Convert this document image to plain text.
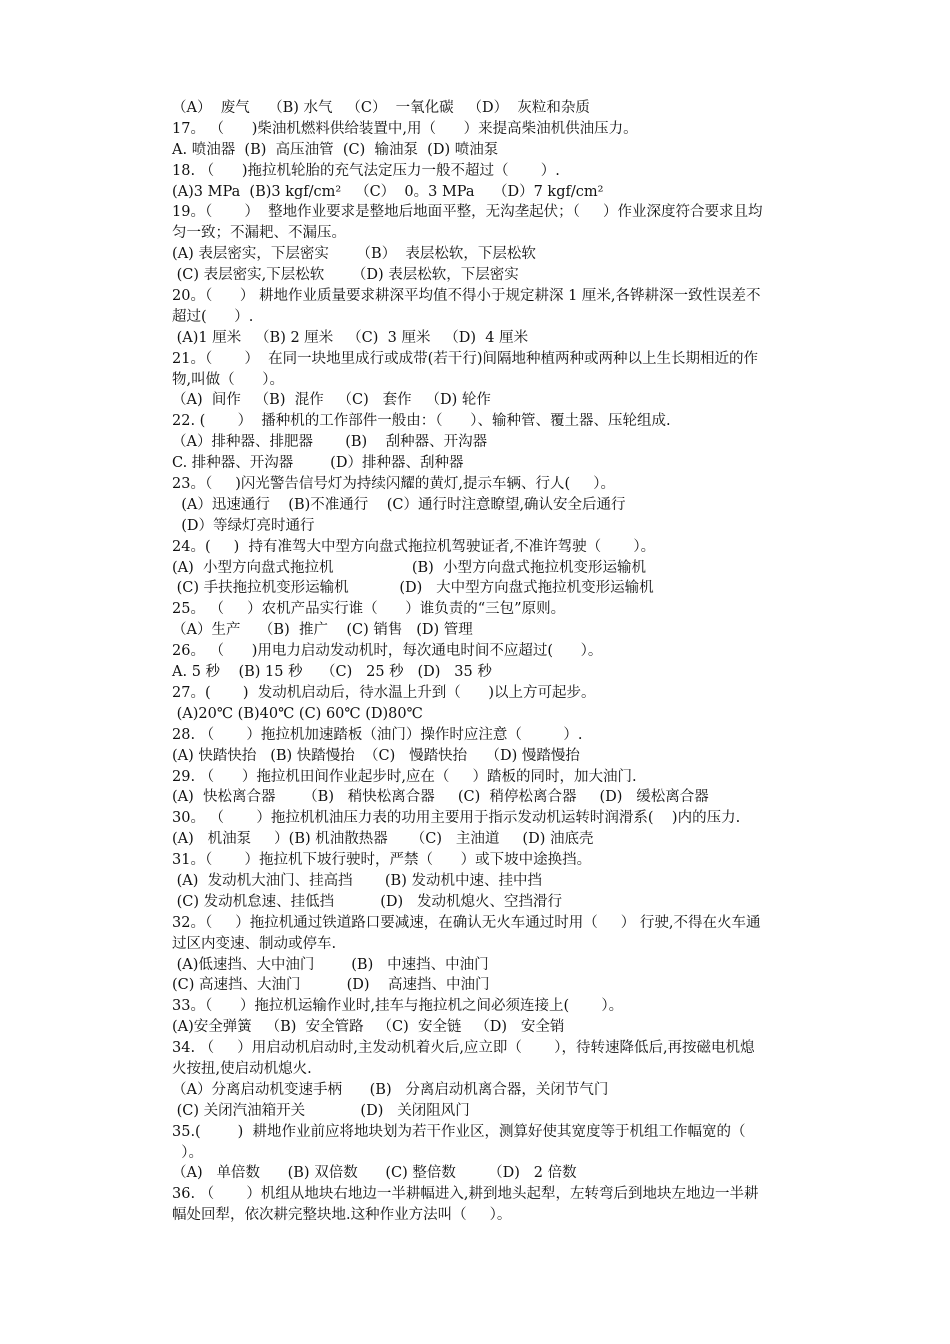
（A）  废气    （B) 水气   （C）  一氧化碳   （D）  灰粒和杂质
17。 （      )柴油机燃料供给装置中,用（      ）来提高柴油机供油压力。
A. 喷油器  (B)  高压油管  (C)  输油泵  (D) 喷油泵
18. （      )拖拉机轮胎的充气法定压力一般不超过（       ）.
(A)3 MPa  (B)3 kgf/cm²   （C）  0。3 MPa    （D）7 kgf/cm²
19。（       ）  整地作业要求是整地后地面平整，无沟垄起伏；（     ）作业深度符合要求且均
匀一致；不漏耙、不漏压。
(A) 表层密实，下层密实      （B）  表层松软，下层松软
(C) 表层密实,下层松软      （D) 表层松软，下层密实
20。（      ） 耕地作业质量要求耕深平均值不得小于规定耕深 1 厘米,各铧耕深一致性误差不
超过(      ）.
(A)1 厘米   （B) 2 厘米   （C)  3 厘米   （D)  4 厘米
21。（       ）  在同一块地里成行或成带(若干行)间隔地种植两种或两种以上生长期相近的作
物,叫做（      ）。
（A)  间作   （B)  混作   （C)   套作   （D) 轮作
22. (       ）  播种机的工作部件一般由：（      ）、输种管、覆土器、压轮组成.
（A）排种器、排肥器       (B)    刮种器、开沟器
C. 排种器、开沟器        (D）排种器、刮种器
23。（     )闪光警告信号灯为持续闪耀的黄灯,提示车辆、行人(     ）。
(A）迅速通行    (B)不准通行    (C）通行时注意瞭望,确认安全后通行
(D）等绿灯亮时通行
24。(     )  持有准驾大中型方向盘式拖拉机驾驶证者,不准许驾驶（       ）。
(A)  小型方向盘式拖拉机                 (B)  小型方向盘式拖拉机变形运输机
(C) 手扶拖拉机变形运输机           (D)   大中型方向盘式拖拉机变形运输机
25。 （     ）农机产品实行谁（      ）谁负责的“三包”原则。
（A）生产    （B)  推广    (C) 销售   (D) 管理
26。 （      )用电力启动发动机时，每次通电时间不应超过(      ）。
A. 5 秒    (B) 15 秒    （C)   25 秒   (D)   35 秒
27。(       )  发动机启动后，待水温上升到（      )以上方可起步。
(A)20℃ (B)40℃ (C) 60℃ (D)80℃
28. （       ）拖拉机加速踏板（油门）操作时应注意（         ）.
(A) 快踏快抬   (B) 快踏慢抬  （C)   慢踏快抬    （D) 慢踏慢抬
29. （      ）拖拉机田间作业起步时,应在（     ）踏板的同时，加大油门.
(A)  快松离合器      （B)   稍快松离合器     (C)  稍停松离合器     (D)   缓松离合器
30。 （       ）拖拉机机油压力表的功用主要用于指示发动机运转时润滑系(    )内的压力.
(A)   机油泵     ）(B) 机油散热器     （C)   主油道     (D) 油底壳
31。（       ）拖拉机下坡行驶时，严禁（      ）或下坡中途换挡。
(A)  发动机大油门、挂高挡       (B) 发动机中速、挂中挡
(C) 发动机怠速、挂低挡          (D)   发动机熄火、空挡滑行
32。（     ）拖拉机通过铁道路口要减速，在确认无火车通过时用（     ） 行驶,不得在火车通
过区内变速、制动或停车.
(A)低速挡、大中油门        (B)   中速挡、中油门
(C) 高速挡、大油门          (D)    高速挡、中油门
33。（      ）拖拉机运输作业时,挂车与拖拉机之间必须连接上(       ）。
(A)安全弹簧   （B)  安全管路   （C)  安全链   （D)   安全销
34. （     ）用启动机启动时,主发动机着火后,应立即（       ），待转速降低后,再按磁电机熄
火按扭,使启动机熄火.
（A）分离启动机变速手柄      (B)   分离启动机离合器，关闭节气门
(C) 关闭汽油箱开关            (D)   关闭阻风门
35.(        )  耕地作业前应将地块划为若干作业区，测算好使其宽度等于机组工作幅宽的（
）。
（A)   单倍数      (B) 双倍数      (C) 整倍数       （D)   2 倍数
36. （       ）机组从地块右地边一半耕幅进入,耕到地头起犁，左转弯后到地块左地边一半耕
幅处回犁，依次耕完整块地.这种作业方法叫（     ）。
